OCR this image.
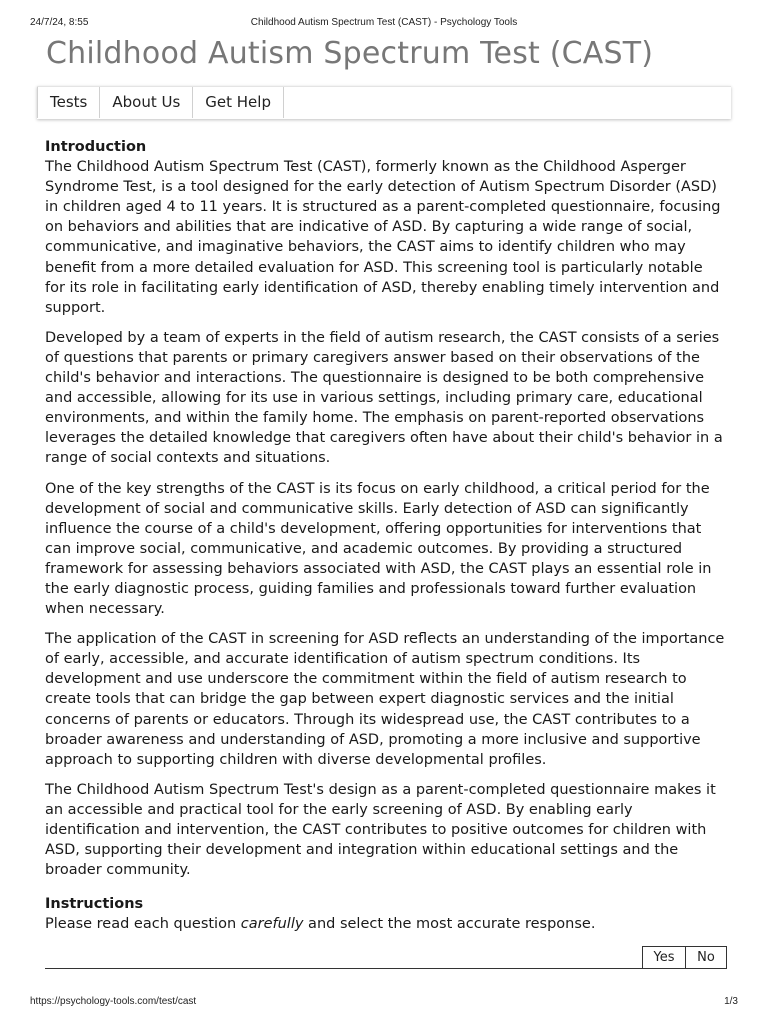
24/7/24, 8:55	Childhood Autism Spectrum Test (CAST) - Psychology Tools
Childhood Autism Spectrum Test (CAST)
Tests	About Us	Get Help
Introduction

The Childhood Autism Spectrum Test (CAST), formerly known as the Childhood Asperger Syndrome Test, is a tool designed for the early detection of Autism Spectrum Disorder (ASD) in children aged 4 to 11 years. It is structured as a parent-completed questionnaire, focusing on behaviors and abilities that are indicative of ASD. By capturing a wide range of social, communicative, and imaginative behaviors, the CAST aims to identify children who may benefit from a more detailed evaluation for ASD. This screening tool is particularly notable for its role in facilitating early identification of ASD, thereby enabling timely intervention and support.

Developed by a team of experts in the field of autism research, the CAST consists of a series of questions that parents or primary caregivers answer based on their observations of the child's behavior and interactions. The questionnaire is designed to be both comprehensive and accessible, allowing for its use in various settings, including primary care, educational environments, and within the family home. The emphasis on parent-reported observations leverages the detailed knowledge that caregivers often have about their child's behavior in a range of social contexts and situations.

One of the key strengths of the CAST is its focus on early childhood, a critical period for the development of social and communicative skills. Early detection of ASD can significantly influence the course of a child's development, offering opportunities for interventions that can improve social, communicative, and academic outcomes. By providing a structured framework for assessing behaviors associated with ASD, the CAST plays an essential role in the early diagnostic process, guiding families and professionals toward further evaluation when necessary.

The application of the CAST in screening for ASD reflects an understanding of the importance of early, accessible, and accurate identification of autism spectrum conditions. Its development and use underscore the commitment within the field of autism research to create tools that can bridge the gap between expert diagnostic services and the initial concerns of parents or educators. Through its widespread use, the CAST contributes to a broader awareness and understanding of ASD, promoting a more inclusive and supportive approach to supporting children with diverse developmental profiles.

The Childhood Autism Spectrum Test's design as a parent-completed questionnaire makes it an accessible and practical tool for the early screening of ASD. By enabling early identification and intervention, the CAST contributes to positive outcomes for children with ASD, supporting their development and integration within educational settings and the broader community.

Instructions

Please read each question carefully and select the most accurate response.

Yes	No
https://psychology-tools.com/test/cast	1/3
